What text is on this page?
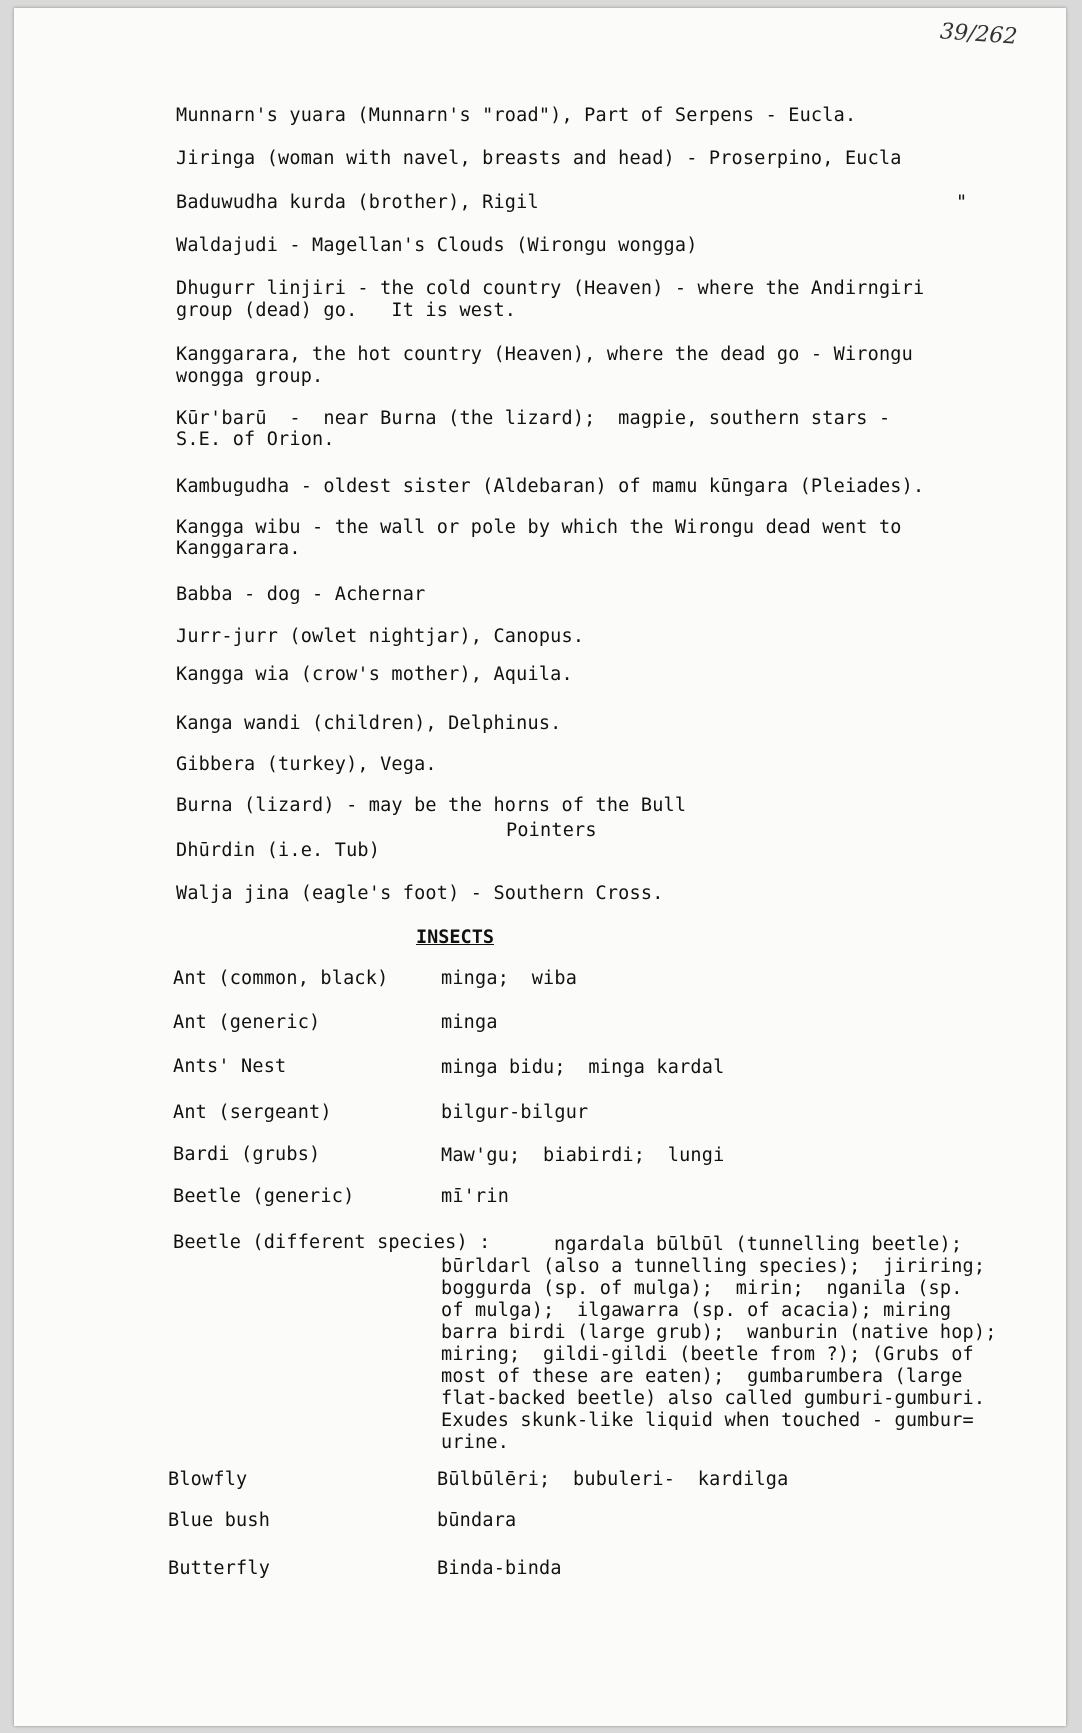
39/262
Munnarn's yuara (Munnarn's "road"), Part of Serpens - Eucla.
Jiringa (woman with navel, breasts and head) - Proserpino, Eucla
Baduwudha kurda (brother), Rigil	"
Waldajudi - Magellan's Clouds (Wirongu wongga)
Dhugurr linjiri - the cold country (Heaven) - where the Andirngiri
group (dead) go.   It is west.
Kanggarara, the hot country (Heaven), where the dead go - Wirongu
wongga group.
Kūr'barū  -  near Burna (the lizard);  magpie, southern stars -
S.E. of Orion.
Kambugudha - oldest sister (Aldebaran) of mamu kūngara (Pleiades).
Kangga wibu - the wall or pole by which the Wirongu dead went to
Kanggarara.
Babba - dog - Achernar
Jurr-jurr (owlet nightjar), Canopus.
Kangga wia (crow's mother), Aquila.
Kanga wandi (children), Delphinus.
Gibbera (turkey), Vega.
Burna (lizard) - may be the horns of the Bull
Pointers
Dhūrdin (i.e. Tub)
Walja jina (eagle's foot) - Southern Cross.
INSECTS
Ant (common, black)	minga;  wiba
Ant (generic)	minga
Ants' Nest	minga bidu;  minga kardal
Ant (sergeant)	bilgur-bilgur
Bardi (grubs)	Maw'gu;  biabirdi;  lungi
Beetle (generic)	mī'rin
Beetle (different species) :	ngardala būlbūl (tunnelling beetle);
būrldarl (also a tunnelling species);  jiriring;
boggurda (sp. of mulga);  mirin;  nganila (sp.
of mulga);  ilgawarra (sp. of acacia); miring
barra birdi (large grub);  wanburin (native hop);
miring;  gildi-gildi (beetle from ?); (Grubs of
most of these are eaten);  gumbarumbera (large
flat-backed beetle) also called gumburi-gumburi.
Exudes skunk-like liquid when touched - gumbur=
urine.
Blowfly	Būlbūlēri;  bubuleri-  kardilga
Blue bush	būndara
Butterfly	Binda-binda
